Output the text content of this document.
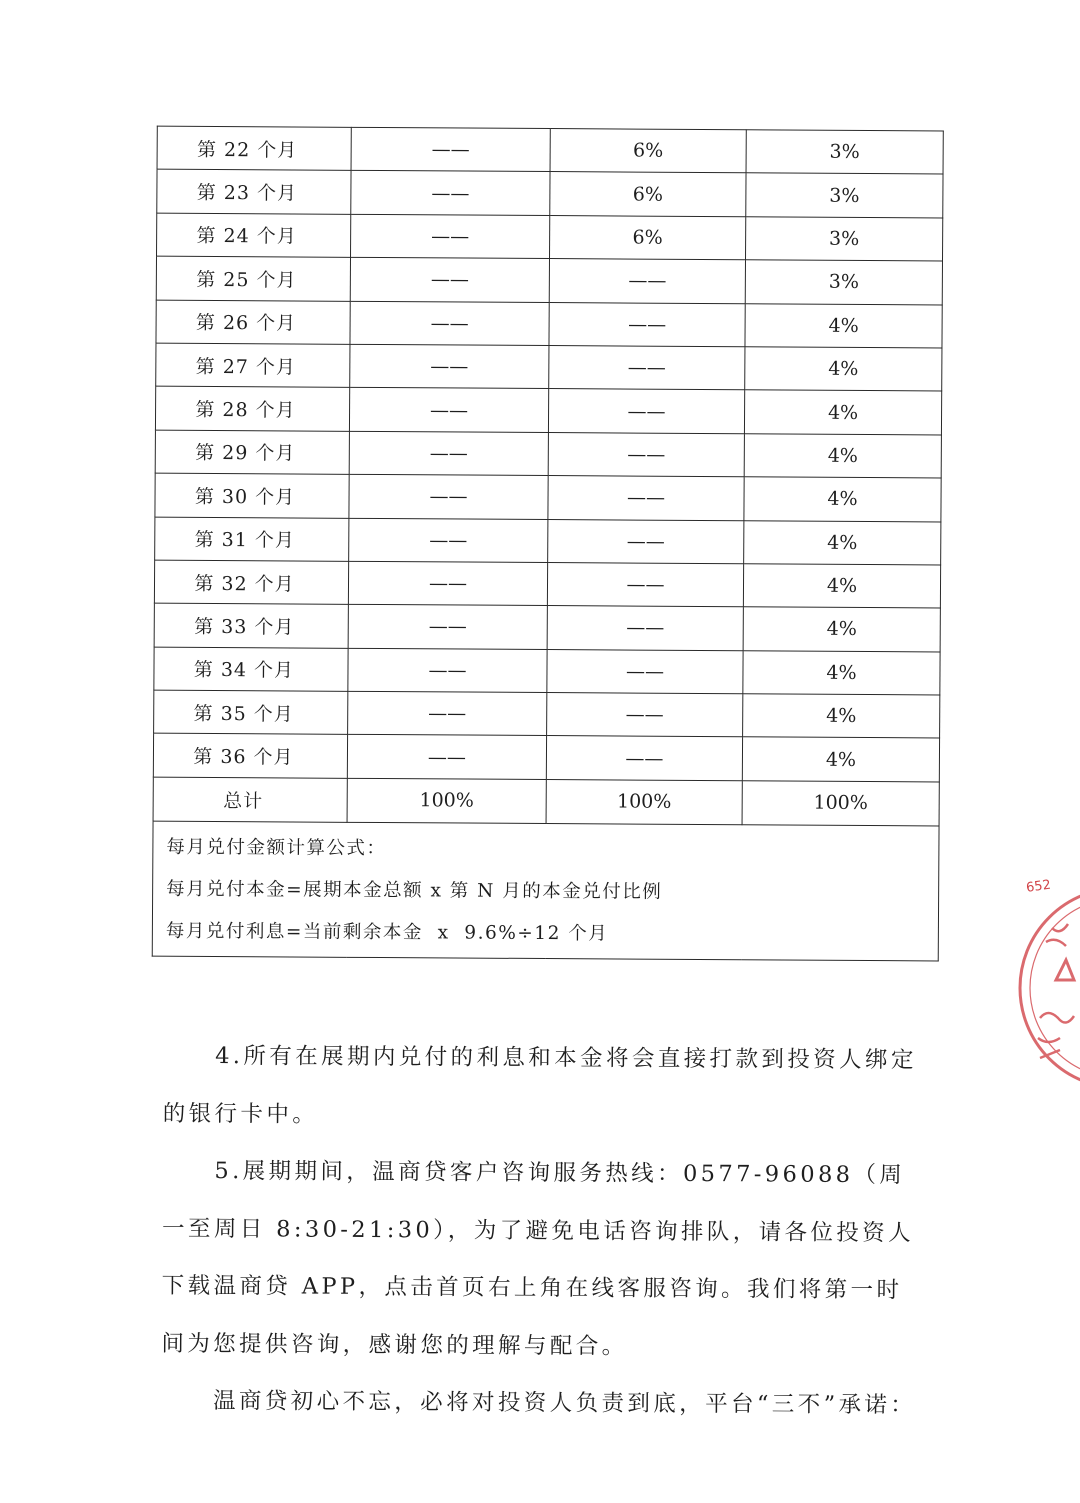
第 22 个月	——	6%	3%
第 23 个月	——	6%	3%
第 24 个月	——	6%	3%
第 25 个月	——	——	3%
第 26 个月	——	——	4%
第 27 个月	——	——	4%
第 28 个月	——	——	4%
第 29 个月	——	——	4%
第 30 个月	——	——	4%
第 31 个月	——	——	4%
第 32 个月	——	——	4%
第 33 个月	——	——	4%
第 34 个月	——	——	4%
第 35 个月	——	——	4%
第 36 个月	——	——	4%
总计	100%	100%	100%

每月兑付金额计算公式：
每月兑付本金=展期本金总额 x 第 N 月的本金兑付比例
每月兑付利息=当前剩余本金  x  9.6%÷12 个月			

4.所有在展期内兑付的利息和本金将会直接打款到投资人绑定的银行卡中。

5.展期期间，温商贷客户咨询服务热线：0577-96088（周一至周日 8:30-21:30），为了避免电话咨询排队，请各位投资人下载温商贷 APP，点击首页右上角在线客服咨询。我们将第一时间为您提供咨询，感谢您的理解与配合。

温商贷初心不忘，必将对投资人负责到底，平台“三不”承诺：

652
